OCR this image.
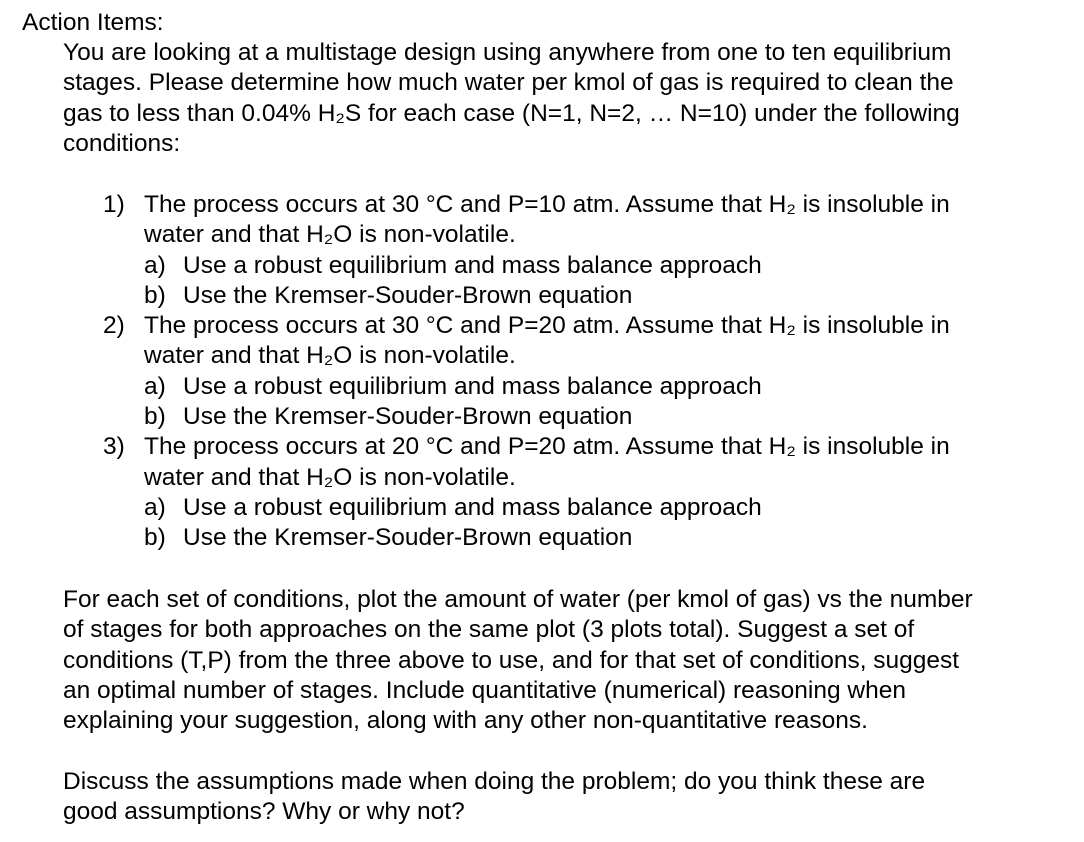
Action Items:
You are looking at a multistage design using anywhere from one to ten equilibrium
stages. Please determine how much water per kmol of gas is required to clean the
gas to less than 0.04% H₂S for each case (N=1, N=2, … N=10) under the following
conditions:
1) The process occurs at 30 °C and P=10 atm. Assume that H₂ is insoluble in
water and that H₂O is non-volatile.
a) Use a robust equilibrium and mass balance approach
b) Use the Kremser-Souder-Brown equation
2) The process occurs at 30 °C and P=20 atm. Assume that H₂ is insoluble in
water and that H₂O is non-volatile.
a) Use a robust equilibrium and mass balance approach
b) Use the Kremser-Souder-Brown equation
3) The process occurs at 20 °C and P=20 atm. Assume that H₂ is insoluble in
water and that H₂O is non-volatile.
a) Use a robust equilibrium and mass balance approach
b) Use the Kremser-Souder-Brown equation
For each set of conditions, plot the amount of water (per kmol of gas) vs the number
of stages for both approaches on the same plot (3 plots total). Suggest a set of
conditions (T,P) from the three above to use, and for that set of conditions, suggest
an optimal number of stages. Include quantitative (numerical) reasoning when
explaining your suggestion, along with any other non-quantitative reasons.
Discuss the assumptions made when doing the problem; do you think these are
good assumptions? Why or why not?
